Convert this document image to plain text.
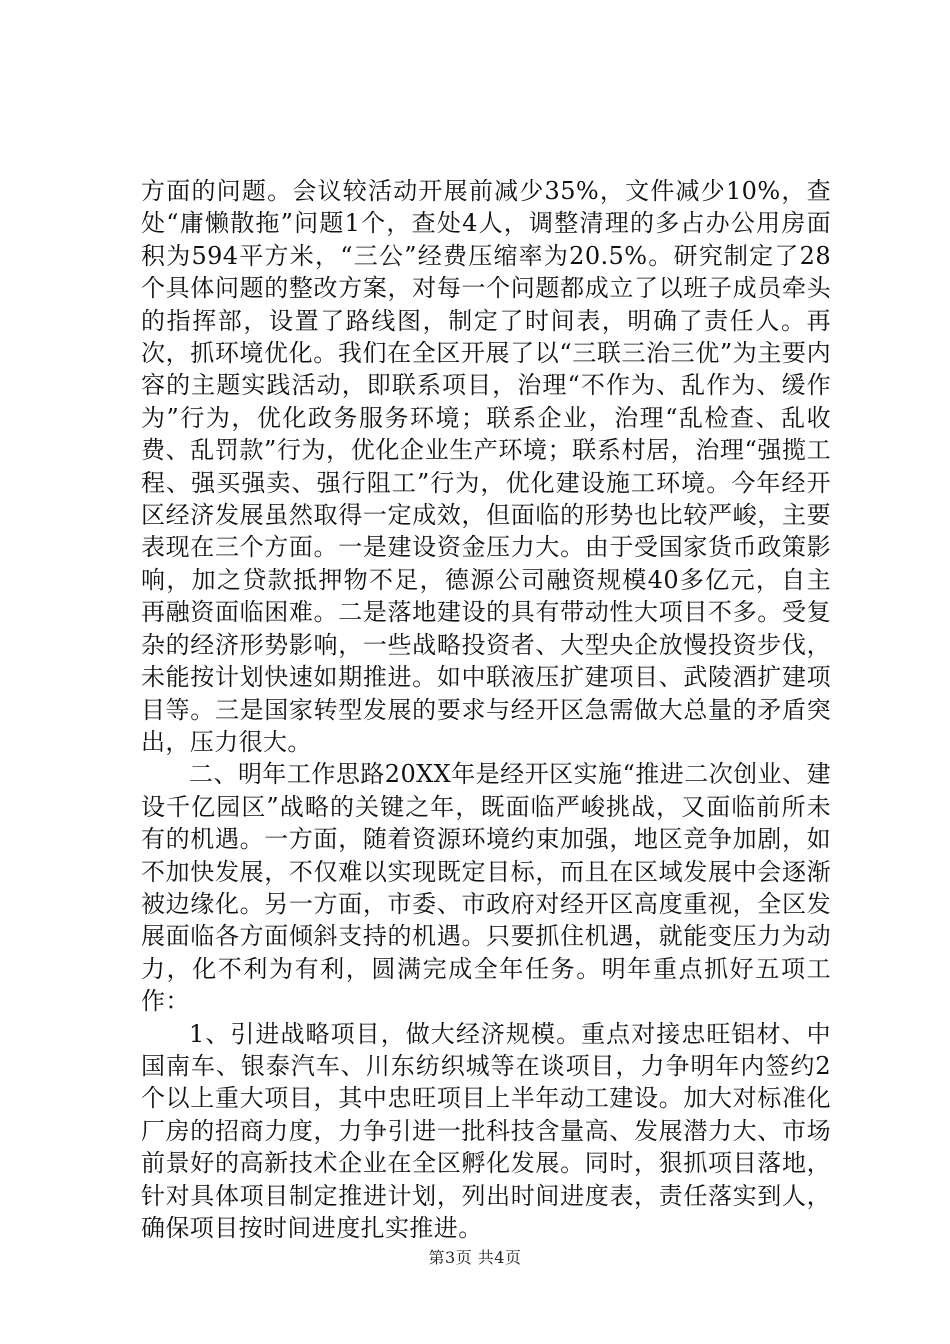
方面的问题。会议较活动开展前减少35%，文件减少10%，查处“庸懒散拖”问题1个，查处4人，调整清理的多占办公用房面积为594平方米，“三公”经费压缩率为20.5%。研究制定了28个具体问题的整改方案，对每一个问题都成立了以班子成员牵头的指挥部，设置了路线图，制定了时间表，明确了责任人。再次，抓环境优化。我们在全区开展了以“三联三治三优”为主要内容的主题实践活动，即联系项目，治理“不作为、乱作为、缓作为”行为，优化政务服务环境；联系企业，治理“乱检查、乱收费、乱罚款”行为，优化企业生产环境；联系村居，治理“强揽工程、强买强卖、强行阻工”行为，优化建设施工环境。今年经开区经济发展虽然取得一定成效，但面临的形势也比较严峻，主要表现在三个方面。一是建设资金压力大。由于受国家货币政策影响，加之贷款抵押物不足，德源公司融资规模40多亿元，自主再融资面临困难。二是落地建设的具有带动性大项目不多。受复杂的经济形势影响，一些战略投资者、大型央企放慢投资步伐，未能按计划快速如期推进。如中联液压扩建项目、武陵酒扩建项目等。三是国家转型发展的要求与经开区急需做大总量的矛盾突出，压力很大。

二、明年工作思路20XX年是经开区实施“推进二次创业、建设千亿园区”战略的关键之年，既面临严峻挑战，又面临前所未有的机遇。一方面，随着资源环境约束加强，地区竞争加剧，如不加快发展，不仅难以实现既定目标，而且在区域发展中会逐渐被边缘化。另一方面，市委、市政府对经开区高度重视，全区发展面临各方面倾斜支持的机遇。只要抓住机遇，就能变压力为动力，化不利为有利，圆满完成全年任务。明年重点抓好五项工作：

1、引进战略项目，做大经济规模。重点对接忠旺铝材、中国南车、银泰汽车、川东纺织城等在谈项目，力争明年内签约2个以上重大项目，其中忠旺项目上半年动工建设。加大对标准化厂房的招商力度，力争引进一批科技含量高、发展潜力大、市场前景好的高新技术企业在全区孵化发展。同时，狠抓项目落地，针对具体项目制定推进计划，列出时间进度表，责任落实到人，确保项目按时间进度扎实推进。

第3页 共4页
